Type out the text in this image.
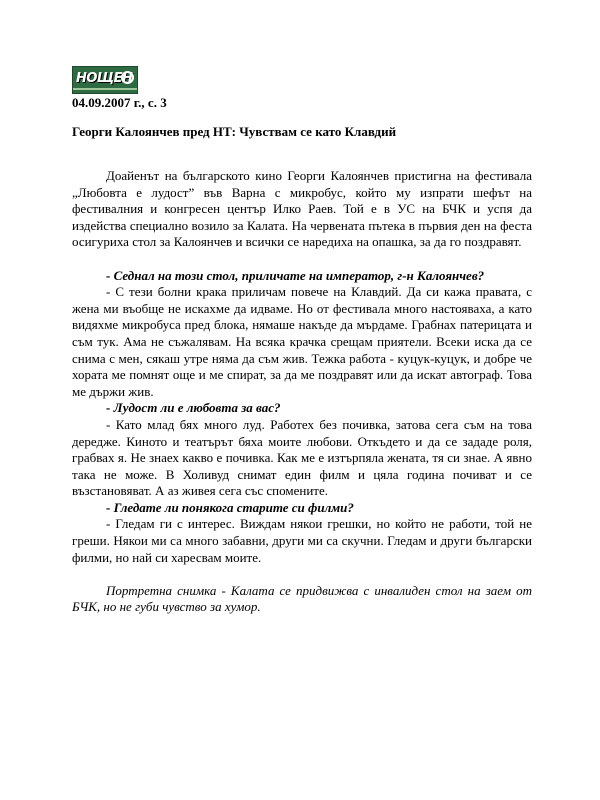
НОЩЕН
04.09.2007 г., с. 3
Георги Калоянчев пред НТ: Чувствам се като Клавдий

Доайенът на българското кино Георги Калоянчев пристигна на фестивала „Любовта е лудост” във Варна с микробус, който му изпрати шефът на фестивалния и конгресен център Илко Раев. Той е в УС на БЧК и успя да издейства специално возило за Калата. На червената пътека в първия ден на феста осигуриха стол за Калоянчев и всички се наредиха на опашка, за да го поздравят.

- Седнал на този стол, приличате на император, г-н Калоянчев?

- С тези болни крака приличам повече на Клавдий. Да си кажа правата, с жена ми въобще не искахме да идваме. Но от фестивала много настояваха, а като видяхме микробуса пред блока, нямаше накъде да мърдаме. Грабнах патерицата и съм тук. Ама не съжалявам. На всяка крачка срещам приятели. Всеки иска да се снима с мен, сякаш утре няма да съм жив. Тежка работа - куцук-куцук, и добре че хората ме помнят още и ме спират, за да ме поздравят или да искат автограф. Това ме държи жив.

- Лудост ли е любовта за вас?

- Като млад бях много луд. Работех без почивка, затова сега съм на това дередже. Киното и театърът бяха моите любови. Откъдето и да се зададе роля, грабвах я. Не знаех какво е почивка. Как ме е изтърпяла жената, тя си знае. А явно така не може. В Холивуд снимат един филм и цяла година почиват и се възстановяват. А аз живея сега със спомените.

- Гледате ли понякога старите си филми?

- Гледам ги с интерес. Виждам някои грешки, но който не работи, той не греши. Някои ми са много забавни, други ми са скучни. Гледам и други български филми, но най си харесвам моите.

Портретна снимка - Калата се придвижва с инвалиден стол на заем от БЧК, но не губи чувство за хумор.
